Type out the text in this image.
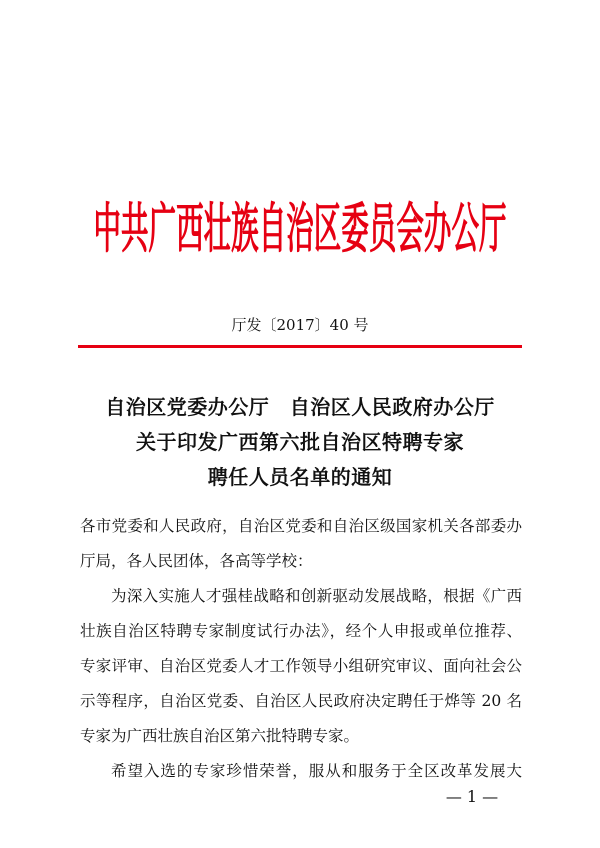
中共广西壮族自治区委员会办公厅
厅发〔2017〕40 号
自治区党委办公厅　自治区人民政府办公厅
关于印发广西第六批自治区特聘专家
聘任人员名单的通知
各市党委和人民政府，自治区党委和自治区级国家机关各部委办
厅局，各人民团体，各高等学校：
为深入实施人才强桂战略和创新驱动发展战略，根据《广西
壮族自治区特聘专家制度试行办法》，经个人申报或单位推荐、
专家评审、自治区党委人才工作领导小组研究审议、面向社会公
示等程序，自治区党委、自治区人民政府决定聘任于烨等 20 名
专家为广西壮族自治区第六批特聘专家。
希望入选的专家珍惜荣誉，服从和服务于全区改革发展大
— 1 —
